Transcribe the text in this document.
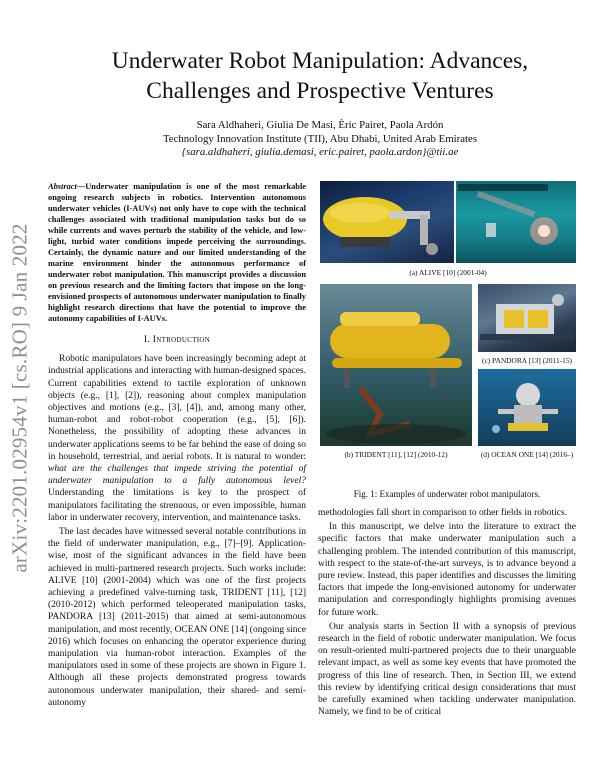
arXiv:2201.02954v1 [cs.RO] 9 Jan 2022
Underwater Robot Manipulation: Advances,
Challenges and Prospective Ventures
Sara Aldhaheri, Giulia De Masi, Èric Pairet, Paola Ardón
Technology Innovation Institute (TII), Abu Dhabi, United Arab Emirates
{sara.aldhaheri, giulia.demasi, eric.pairet, paola.ardon}@tii.ae

Abstract—Underwater manipulation is one of the most remarkable ongoing research subjects in robotics. Intervention autonomous underwater vehicles (I-AUVs) not only have to cope with the technical challenges associated with traditional manipulation tasks but do so while currents and waves perturb the stability of the vehicle, and low-light, turbid water conditions impede perceiving the surroundings. Certainly, the dynamic nature and our limited understanding of the marine environment hinder the autonomous performance of underwater robot manipulation. This manuscript provides a discussion on previous research and the limiting factors that impose on the long-envisioned prospects of autonomous underwater manipulation to finally highlight research directions that have the potential to improve the autonomy capabilities of I-AUVs.

I. Introduction

Robotic manipulators have been increasingly becoming adept at industrial applications and interacting with human-designed spaces. Current capabilities extend to tactile exploration of unknown objects (e.g., [1], [2]), reasoning about complex manipulation objectives and motions (e.g., [3], [4]), and, among many other, human-robot and robot-robot cooperation (e.g., [5], [6]). Nonetheless, the possibility of adopting these advances in underwater applications seems to be far behind the ease of doing so in household, terrestrial, and aerial robots. It is natural to wonder: what are the challenges that impede striving the potential of underwater manipulation to a fully autonomous level? Understanding the limitations is key to the prospect of manipulators facilitating the strenuous, or even impossible, human labor in underwater recovery, intervention, and maintenance tasks.

The last decades have witnessed several notable contributions in the field of underwater manipulation, e.g., [7]–[9]. Application-wise, most of the significant advances in the field have been achieved in multi-partnered research projects. Such works include: ALIVE [10] (2001-2004) which was one of the first projects achieving a predefined valve-turning task, TRIDENT [11], [12] (2010-2012) which performed teleoperated manipulation tasks, PANDORA [13] (2011-2015) that aimed at semi-autonomous manipulation, and most recently, OCEAN ONE [14] (ongoing since 2016) which focuses on enhancing the operator experience during manipulation via human-robot interaction. Examples of the manipulators used in some of these projects are shown in Figure 1. Although all these projects demonstrated progress towards autonomous underwater manipulation, their shared- and semi-autonomy

(a) ALIVE [10] (2001-04)
(c) PANDORA [13] (2011-15)
(b) TRIDENT [11], [12] (2010-12)	(d) OCEAN ONE [14] (2016–)
Fig. 1: Examples of underwater robot manipulators.

methodologies fall short in comparison to other fields in robotics.

In this manuscript, we delve into the literature to extract the specific factors that make underwater manipulation such a challenging problem. The intended contribution of this manuscript, with respect to the state-of-the-art surveys, is to advance beyond a pure review. Instead, this paper identifies and discusses the limiting factors that impede the long-envisioned autonomy for underwater manipulation and correspondingly highlights promising avenues for future work.

Our analysis starts in Section II with a synopsis of previous research in the field of robotic underwater manipulation. We focus on result-oriented multi-partnered projects due to their unarguable relevant impact, as well as some key events that have promoted the progress of this line of research. Then, in Section III, we extend this review by identifying critical design considerations that must be carefully examined when tackling underwater manipulation. Namely, we find to be of critical
